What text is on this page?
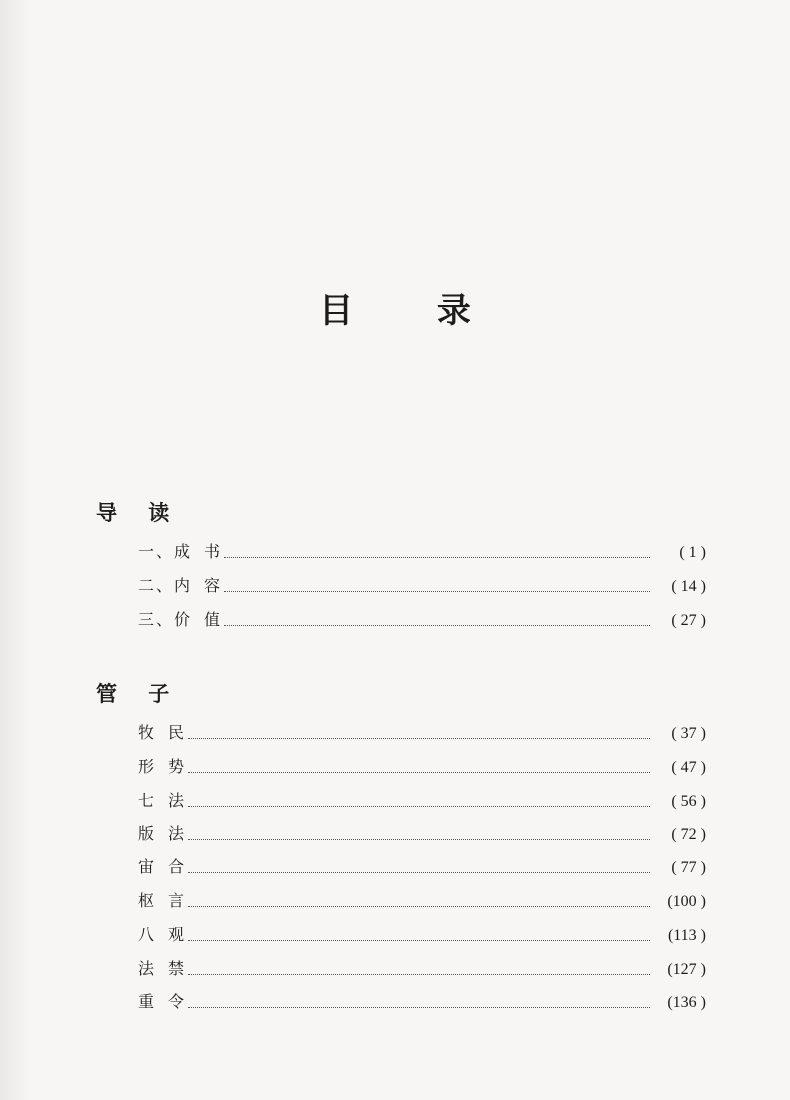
目 录
导 读
一、成 书	( 1 )
二、内 容	( 14 )
三、价 值	( 27 )
管 子
牧 民	( 37 )
形 势	( 47 )
七 法	( 56 )
版 法	( 72 )
宙 合	( 77 )
枢 言	(100 )
八 观	(113 )
法 禁	(127 )
重 令	(136 )
